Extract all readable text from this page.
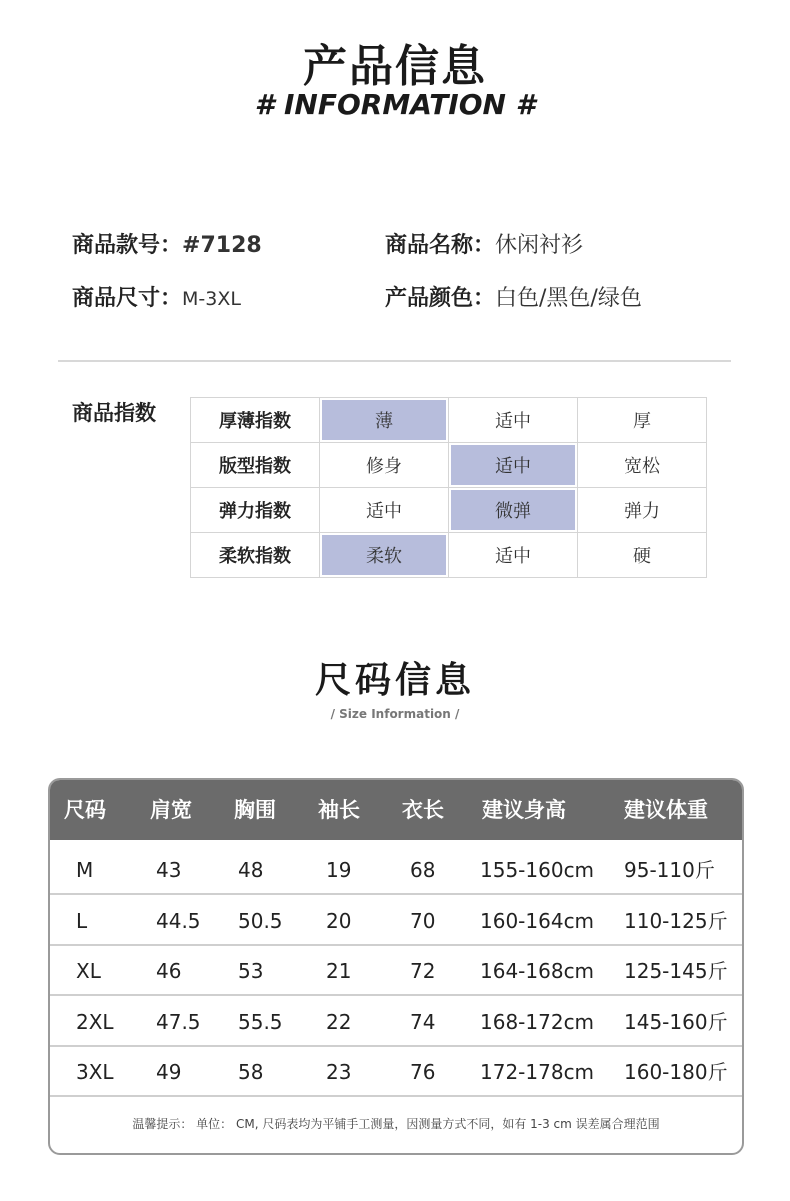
产品信息
# INFORMATION #
商品款号：#7128	商品名称：休闲衬衫
商品尺寸：M-3XL	产品颜色：白色/黑色/绿色
商品指数	厚薄指数	薄	适中	厚
版型指数	修身	适中	宽松
弹力指数	适中	微弹	弹力
柔软指数	柔软	适中	硬
尺码信息
/ Size Information /
尺码 肩宽 胸围 袖长 衣长 建议身高	建议体重
M	43	48	19	68 155-160cm 95-110斤
L	44.5 50.5 20	70 160-164cm 110-125斤
XL	46	53	21	72 164-168cm 125-145斤
2XL 47.5 55.5 22	74 168-172cm 145-160斤
3XL 49	58	23	76 172-178cm 160-180斤
温馨提示： 单位： CM, 尺码表均为平铺手工测量，因测量方式不同，如有 1-3 cm 误差属合理范围
